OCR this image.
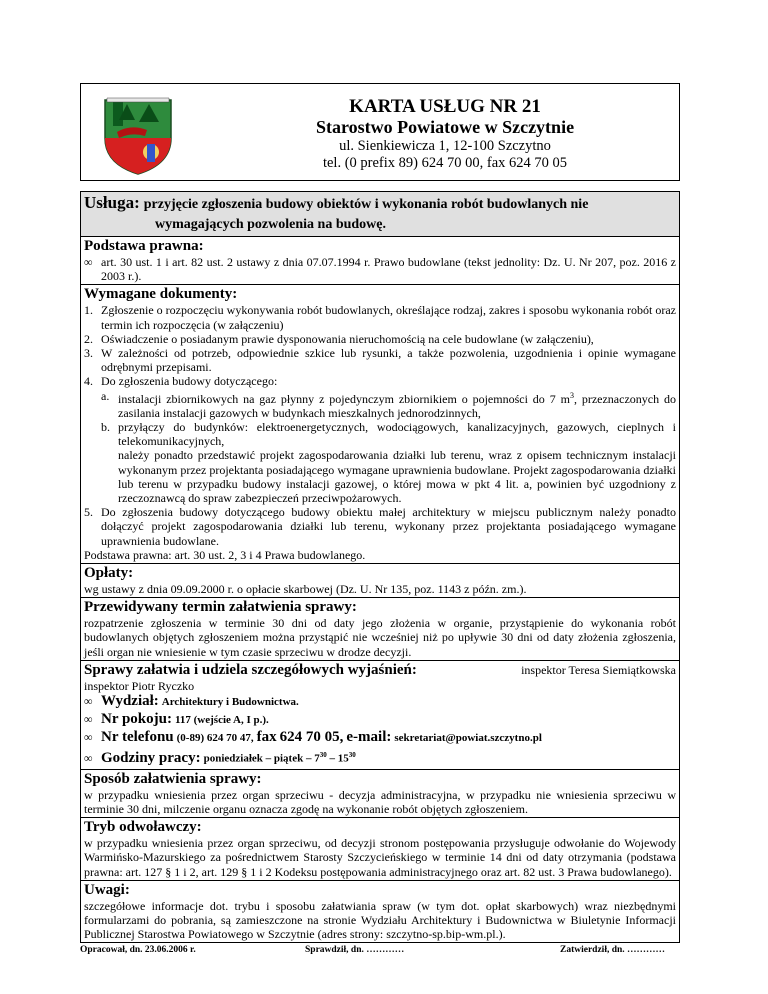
KARTA USŁUG NR 21
Starostwo Powiatowe w Szczytnie
ul. Sienkiewicza 1, 12-100 Szczytno
tel. (0 prefix 89) 624 70 00, fax 624 70 05
Usługa: przyjęcie zgłoszenia budowy obiektów i wykonania robót budowlanych nie
wymagających pozwolenia na budowę.
Podstawa prawna:
∞ art. 30 ust. 1 i art. 82 ust. 2 ustawy z dnia 07.07.1994 r. Prawo budowlane (tekst jednolity: Dz. U. Nr 207, poz. 2016 z 2003 r.).
Wymagane dokumenty:
1. Zgłoszenie o rozpoczęciu wykonywania robót budowlanych, określające rodzaj, zakres i sposobu wykonania robót oraz termin ich rozpoczęcia (w załączeniu)
2. Oświadczenie o posiadanym prawie dysponowania nieruchomością na cele budowlane (w załączeniu),
3. W zależności od potrzeb, odpowiednie szkice lub rysunki, a także pozwolenia, uzgodnienia i opinie wymagane odrębnymi przepisami.
4. Do zgłoszenia budowy dotyczącego:
a. instalacji zbiornikowych na gaz płynny z pojedynczym zbiornikiem o pojemności do 7 $m^3$, przeznaczonych do zasilania instalacji gazowych w budynkach mieszkalnych jednorodzinnych,
b. przyłączy do budynków: elektroenergetycznych, wodociągowych, kanalizacyjnych, gazowych, cieplnych i telekomunikacyjnych,
należy ponadto przedstawić projekt zagospodarowania działki lub terenu, wraz z opisem technicznym instalacji wykonanym przez projektanta posiadającego wymagane uprawnienia budowlane. Projekt zagospodarowania działki lub terenu w przypadku budowy instalacji gazowej, o której mowa w pkt 4 lit. a, powinien być uzgodniony z rzeczoznawcą do spraw zabezpieczeń przeciwpożarowych.
5. Do zgłoszenia budowy dotyczącego budowy obiektu małej architektury w miejscu publicznym należy ponadto dołączyć projekt zagospodarowania działki lub terenu, wykonany przez projektanta posiadającego wymagane uprawnienia budowlane.
Podstawa prawna: art. 30 ust. 2, 3 i 4 Prawa budowlanego.
Opłaty:
wg ustawy z dnia 09.09.2000 r. o opłacie skarbowej (Dz. U. Nr 135, poz. 1143 z późn. zm.).
Przewidywany termin załatwienia sprawy:
rozpatrzenie zgłoszenia w terminie 30 dni od daty jego złożenia w organie, przystąpienie do wykonania robót budowlanych objętych zgłoszeniem można przystąpić nie wcześniej niż po upływie 30 dni od daty złożenia zgłoszenia, jeśli organ nie wniesienie w tym czasie sprzeciwu w drodze decyzji.
Sprawy załatwia i udziela szczegółowych wyjaśnień:	inspektor Teresa Siemiątkowska
inspektor Piotr Ryczko
∞ Wydział:
Architektury i Budownictwa.
∞ Nr pokoju:
117 (wejście A, I p.).
∞ Nr telefonu
(0-89) 624 70 47,
fax
624 70 05,
e-mail:
sekretariat@powiat.szczytno.pl
∞ Godziny pracy:
poniedziałek – piątek – $7^{30} - 15^{30}$
Sposób załatwienia sprawy:
w przypadku wniesienia przez organ sprzeciwu - decyzja administracyjna, w przypadku nie wniesienia sprzeciwu w terminie 30 dni, milczenie organu oznacza zgodę na wykonanie robót objętych zgłoszeniem.
Tryb odwoławczy:
w przypadku wniesienia przez organ sprzeciwu, od decyzji stronom postępowania przysługuje odwołanie do Wojewody Warmińsko-Mazurskiego za pośrednictwem Starosty Szczycieńskiego w terminie 14 dni od daty otrzymania (podstawa prawna: art. 127 § 1 i 2, art. 129 § 1 i 2 Kodeksu postępowania administracyjnego oraz art. 82 ust. 3 Prawa budowlanego).
Uwagi:
szczegółowe informacje dot. trybu i sposobu załatwiania spraw (w tym dot. opłat skarbowych) wraz niezbędnymi formularzami do pobrania, są zamieszczone na stronie Wydziału Architektury i Budownictwa w Biuletynie Informacji Publicznej Starostwa Powiatowego w Szczytnie (adres strony: szczytno-sp.bip-wm.pl.).
Opracował, dn. 23.06.2006 r.	Sprawdził, dn. …………	Zatwierdził, dn. …………
